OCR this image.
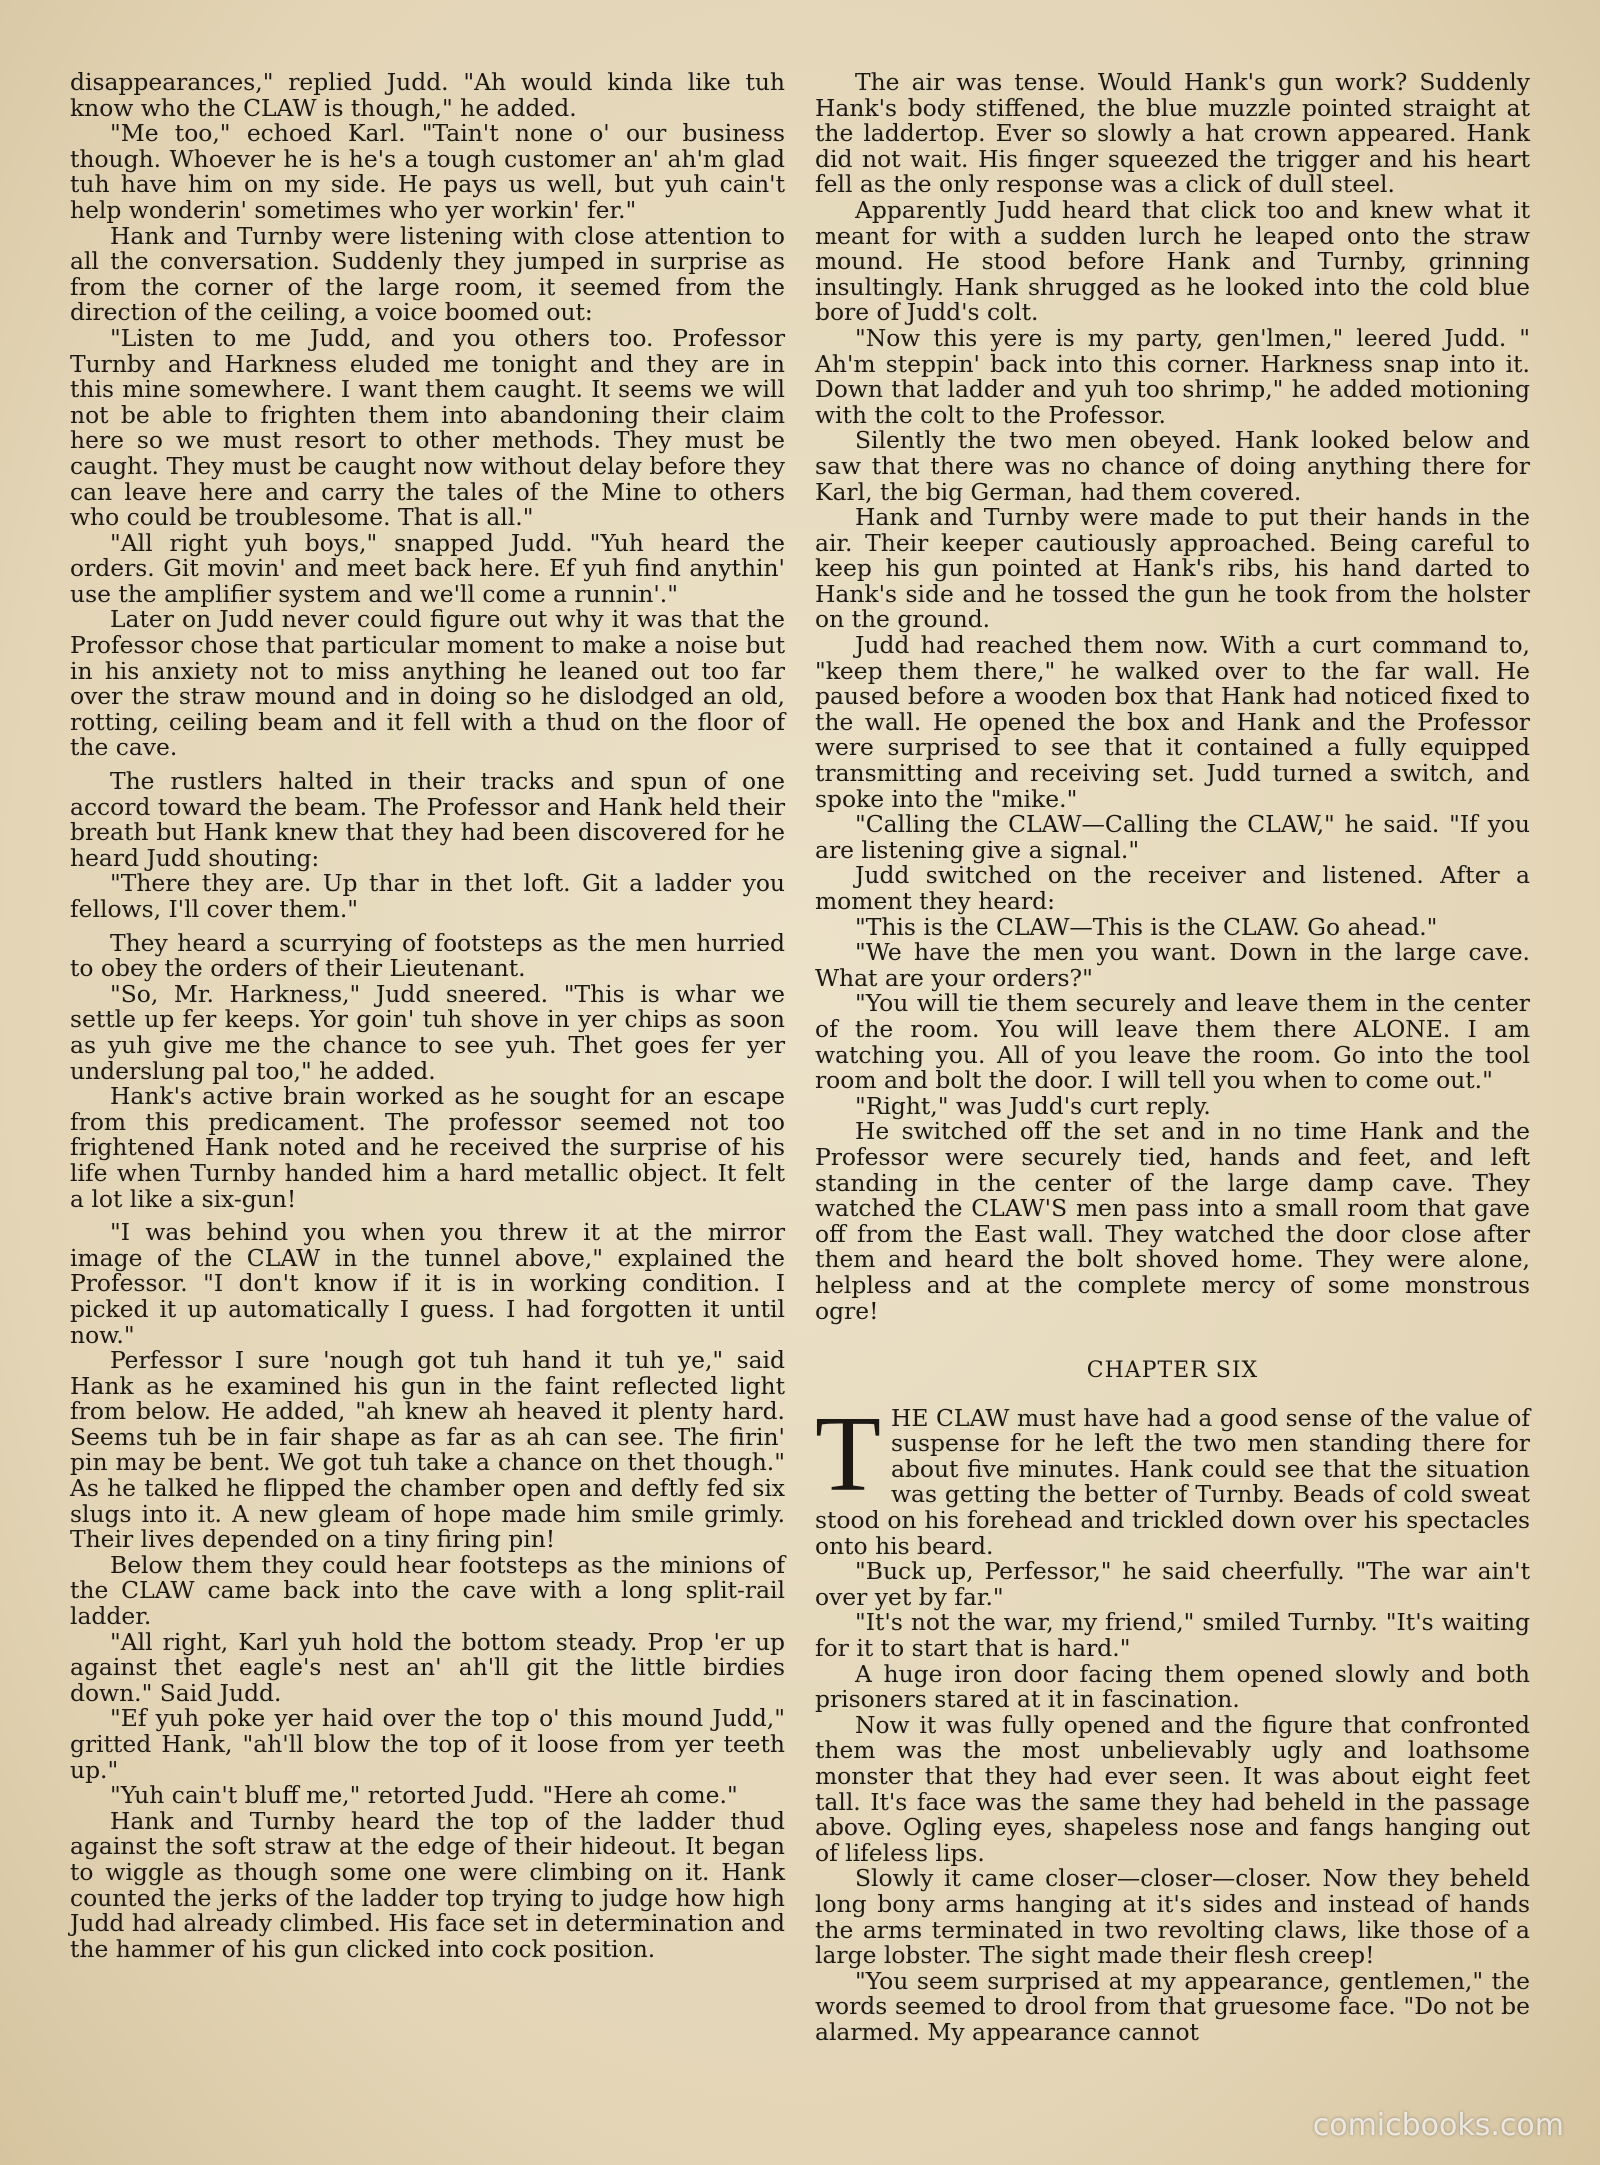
disappearances," replied Judd. "Ah would kinda like tuh know who the CLAW is though," he added.

"Me too," echoed Karl. "Tain't none o' our business though. Whoever he is he's a tough customer an' ah'm glad tuh have him on my side. He pays us well, but yuh cain't help wonderin' sometimes who yer workin' fer."

Hank and Turnby were listening with close attention to all the conversation. Suddenly they jumped in surprise as from the corner of the large room, it seemed from the direction of the ceiling, a voice boomed out:

"Listen to me Judd, and you others too. Professor Turnby and Harkness eluded me tonight and they are in this mine somewhere. I want them caught. It seems we will not be able to frighten them into abandoning their claim here so we must resort to other methods. They must be caught. They must be caught now without delay before they can leave here and carry the tales of the Mine to others who could be troublesome. That is all."

"All right yuh boys," snapped Judd. "Yuh heard the orders. Git movin' and meet back here. Ef yuh find anythin' use the amplifier system and we'll come a runnin'."

Later on Judd never could figure out why it was that the Professor chose that particular moment to make a noise but in his anxiety not to miss anything he leaned out too far over the straw mound and in doing so he dislodged an old, rotting, ceiling beam and it fell with a thud on the floor of the cave.

The rustlers halted in their tracks and spun of one accord toward the beam. The Professor and Hank held their breath but Hank knew that they had been discovered for he heard Judd shouting:

"There they are. Up thar in thet loft. Git a ladder you fellows, I'll cover them."

They heard a scurrying of footsteps as the men hurried to obey the orders of their Lieutenant.

"So, Mr. Harkness," Judd sneered. "This is whar we settle up fer keeps. Yor goin' tuh shove in yer chips as soon as yuh give me the chance to see yuh. Thet goes fer yer underslung pal too," he added.

Hank's active brain worked as he sought for an escape from this predicament. The professor seemed not too frightened Hank noted and he received the surprise of his life when Turnby handed him a hard metallic object. It felt a lot like a six-gun!

"I was behind you when you threw it at the mirror image of the CLAW in the tunnel above," explained the Professor. "I don't know if it is in working condition. I picked it up automatically I guess. I had forgotten it until now."

Perfessor I sure 'nough got tuh hand it tuh ye," said Hank as he examined his gun in the faint reflected light from below. He added, "ah knew ah heaved it plenty hard. Seems tuh be in fair shape as far as ah can see. The firin' pin may be bent. We got tuh take a chance on thet though." As he talked he flipped the chamber open and deftly fed six slugs into it. A new gleam of hope made him smile grimly. Their lives depended on a tiny firing pin!

Below them they could hear footsteps as the minions of the CLAW came back into the cave with a long split-rail ladder.

"All right, Karl yuh hold the bottom steady. Prop 'er up against thet eagle's nest an' ah'll git the little birdies down." Said Judd.

"Ef yuh poke yer haid over the top o' this mound Judd," gritted Hank, "ah'll blow the top of it loose from yer teeth up."

"Yuh cain't bluff me," retorted Judd. "Here ah come."

Hank and Turnby heard the top of the ladder thud against the soft straw at the edge of their hideout. It began to wiggle as though some one were climbing on it. Hank counted the jerks of the ladder top trying to judge how high Judd had already climbed. His face set in determination and the hammer of his gun clicked into cock position.

The air was tense. Would Hank's gun work? Suddenly Hank's body stiffened, the blue muzzle pointed straight at the laddertop. Ever so slowly a hat crown appeared. Hank did not wait. His finger squeezed the trigger and his heart fell as the only response was a click of dull steel.

Apparently Judd heard that click too and knew what it meant for with a sudden lurch he leaped onto the straw mound. He stood before Hank and Turnby, grinning insultingly. Hank shrugged as he looked into the cold blue bore of Judd's colt.

"Now this yere is my party, gen'lmen," leered Judd. " Ah'm steppin' back into this corner. Harkness snap into it. Down that ladder and yuh too shrimp," he added motioning with the colt to the Professor.

Silently the two men obeyed. Hank looked below and saw that there was no chance of doing anything there for Karl, the big German, had them covered.

Hank and Turnby were made to put their hands in the air. Their keeper cautiously approached. Being careful to keep his gun pointed at Hank's ribs, his hand darted to Hank's side and he tossed the gun he took from the holster on the ground.

Judd had reached them now. With a curt command to, "keep them there," he walked over to the far wall. He paused before a wooden box that Hank had noticed fixed to the wall. He opened the box and Hank and the Professor were surprised to see that it contained a fully equipped transmitting and receiving set. Judd turned a switch, and spoke into the "mike."

"Calling the CLAW—Calling the CLAW," he said. "If you are listening give a signal."

Judd switched on the receiver and listened. After a moment they heard:

"This is the CLAW—This is the CLAW. Go ahead."

"We have the men you want. Down in the large cave. What are your orders?"

"You will tie them securely and leave them in the center of the room. You will leave them there ALONE. I am watching you. All of you leave the room. Go into the tool room and bolt the door. I will tell you when to come out."

"Right," was Judd's curt reply.

He switched off the set and in no time Hank and the Professor were securely tied, hands and feet, and left standing in the center of the large damp cave. They watched the CLAW'S men pass into a small room that gave off from the East wall. They watched the door close after them and heard the bolt shoved home. They were alone, helpless and at the complete mercy of some monstrous ogre!

CHAPTER SIX

THE CLAW must have had a good sense of the value of suspense for he left the two men standing there for about five minutes. Hank could see that the situation was getting the better of Turnby. Beads of cold sweat stood on his forehead and trickled down over his spectacles onto his beard.

"Buck up, Perfessor," he said cheerfully. "The war ain't over yet by far."

"It's not the war, my friend," smiled Turnby. "It's waiting for it to start that is hard."

A huge iron door facing them opened slowly and both prisoners stared at it in fascination.

Now it was fully opened and the figure that confronted them was the most unbelievably ugly and loathsome monster that they had ever seen. It was about eight feet tall. It's face was the same they had beheld in the passage above. Ogling eyes, shapeless nose and fangs hanging out of lifeless lips.

Slowly it came closer—closer—closer. Now they beheld long bony arms hanging at it's sides and instead of hands the arms terminated in two revolting claws, like those of a large lobster. The sight made their flesh creep!

"You seem surprised at my appearance, gentlemen," the words seemed to drool from that gruesome face. "Do not be alarmed. My appearance cannot

comicbooks.com
